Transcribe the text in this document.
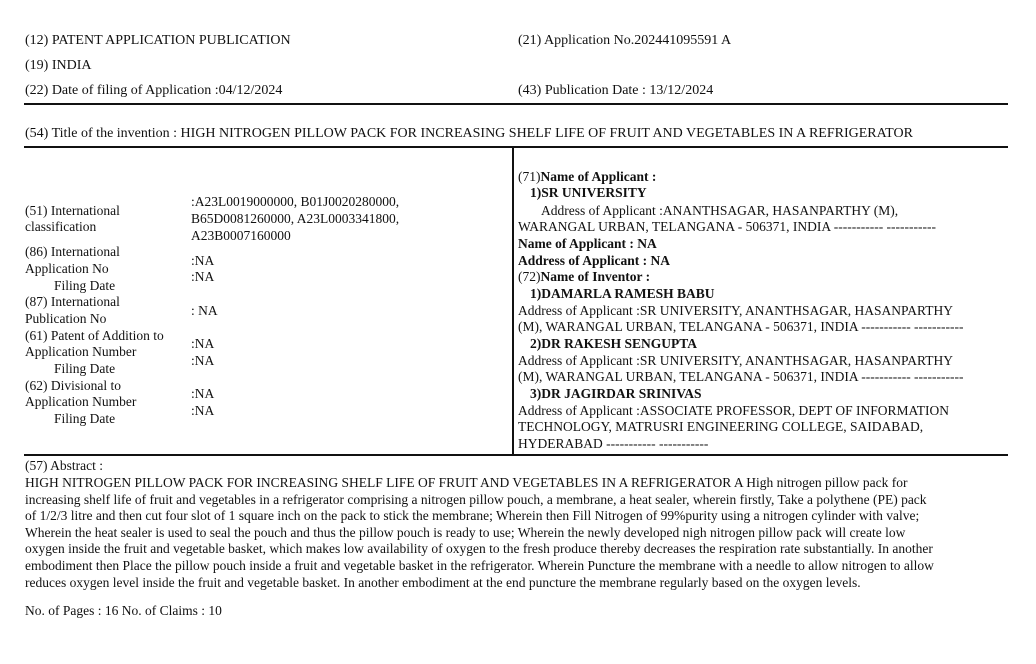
(12) PATENT APPLICATION PUBLICATION	(21) Application No.202441095591 A
(19) INDIA
(22) Date of filing of Application :04/12/2024	(43) Publication Date : 13/12/2024
(54) Title of the invention : HIGH NITROGEN PILLOW PACK FOR INCREASING SHELF LIFE OF FRUIT AND VEGETABLES IN A REFRIGERATOR
(51) International
classification
:A23L0019000000, B01J0020280000,
B65D0081260000, A23L0003341800,
A23B0007160000
(86) International
Application No
Filing Date
:NA
:NA
(87) International
Publication No
: NA
(61) Patent of Addition to
Application Number
Filing Date
:NA
:NA
(62) Divisional to
Application Number
Filing Date
:NA
:NA
(71)Name of Applicant :
1)SR UNIVERSITY
Address of Applicant :ANANTHSAGAR, HASANPARTHY (M),
WARANGAL URBAN, TELANGANA - 506371, INDIA ----------- -----------
Name of Applicant : NA
Address of Applicant : NA
(72)Name of Inventor :
1)DAMARLA RAMESH BABU
Address of Applicant :SR UNIVERSITY, ANANTHSAGAR, HASANPARTHY
(M), WARANGAL URBAN, TELANGANA - 506371, INDIA ----------- -----------
2)DR RAKESH SENGUPTA
Address of Applicant :SR UNIVERSITY, ANANTHSAGAR, HASANPARTHY
(M), WARANGAL URBAN, TELANGANA - 506371, INDIA ----------- -----------
3)DR JAGIRDAR SRINIVAS
Address of Applicant :ASSOCIATE PROFESSOR, DEPT OF INFORMATION
TECHNOLOGY, MATRUSRI ENGINEERING COLLEGE, SAIDABAD,
HYDERABAD ----------- -----------
(57) Abstract :
HIGH NITROGEN PILLOW PACK FOR INCREASING SHELF LIFE OF FRUIT AND VEGETABLES IN A REFRIGERATOR A High nitrogen pillow pack for
increasing shelf life of fruit and vegetables in a refrigerator comprising a nitrogen pillow pouch, a membrane, a heat sealer, wherein firstly, Take a polythene (PE) pack
of 1/2/3 litre and then cut four slot of 1 square inch on the pack to stick the membrane; Wherein then Fill Nitrogen of 99%purity using a nitrogen cylinder with valve;
Wherein the heat sealer is used to seal the pouch and thus the pillow pouch is ready to use; Wherein the newly developed nigh nitrogen pillow pack will create low
oxygen inside the fruit and vegetable basket, which makes low availability of oxygen to the fresh produce thereby decreases the respiration rate substantially. In another
embodiment then Place the pillow pouch inside a fruit and vegetable basket in the refrigerator. Wherein Puncture the membrane with a needle to allow nitrogen to allow
reduces oxygen level inside the fruit and vegetable basket. In another embodiment at the end puncture the membrane regularly based on the oxygen levels.
No. of Pages : 16 No. of Claims : 10
